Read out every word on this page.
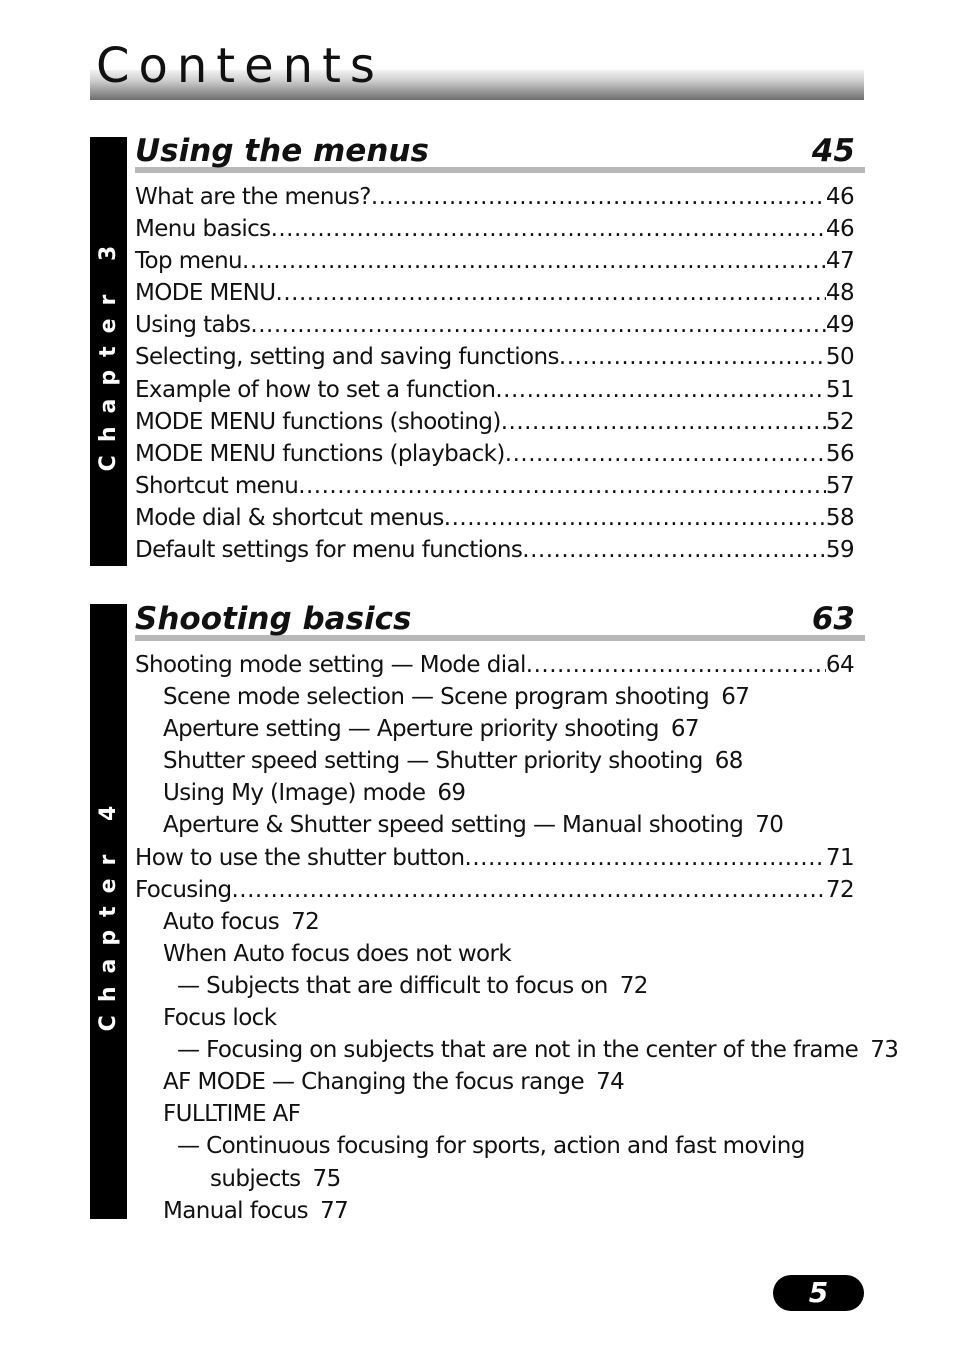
Contents
Chapter 3
Chapter 4
Using the menus	45
What are the menus? .....	46
Menu basics .....	46
Top menu .....	47
MODE MENU .....	48
Using tabs .....	49
Selecting, setting and saving functions .....	50
Example of how to set a function .....	51
MODE MENU functions (shooting) .....	52
MODE MENU functions (playback) .....	56
Shortcut menu .....	57
Mode dial & shortcut menus .....	58
Default settings for menu functions .....	59
Shooting basics	63
Shooting mode setting — Mode dial .....	64
Scene mode selection — Scene program shooting 67
Aperture setting — Aperture priority shooting 67
Shutter speed setting — Shutter priority shooting 68
Using My (Image) mode 69
Aperture & Shutter speed setting — Manual shooting 70
How to use the shutter button .....	71
Focusing .....	72
Auto focus 72
When Auto focus does not work
— Subjects that are difficult to focus on 72
Focus lock
— Focusing on subjects that are not in the center of the frame 73
AF MODE — Changing the focus range 74
FULLTIME AF
— Continuous focusing for sports, action and fast moving
subjects 75
Manual focus 77
5
